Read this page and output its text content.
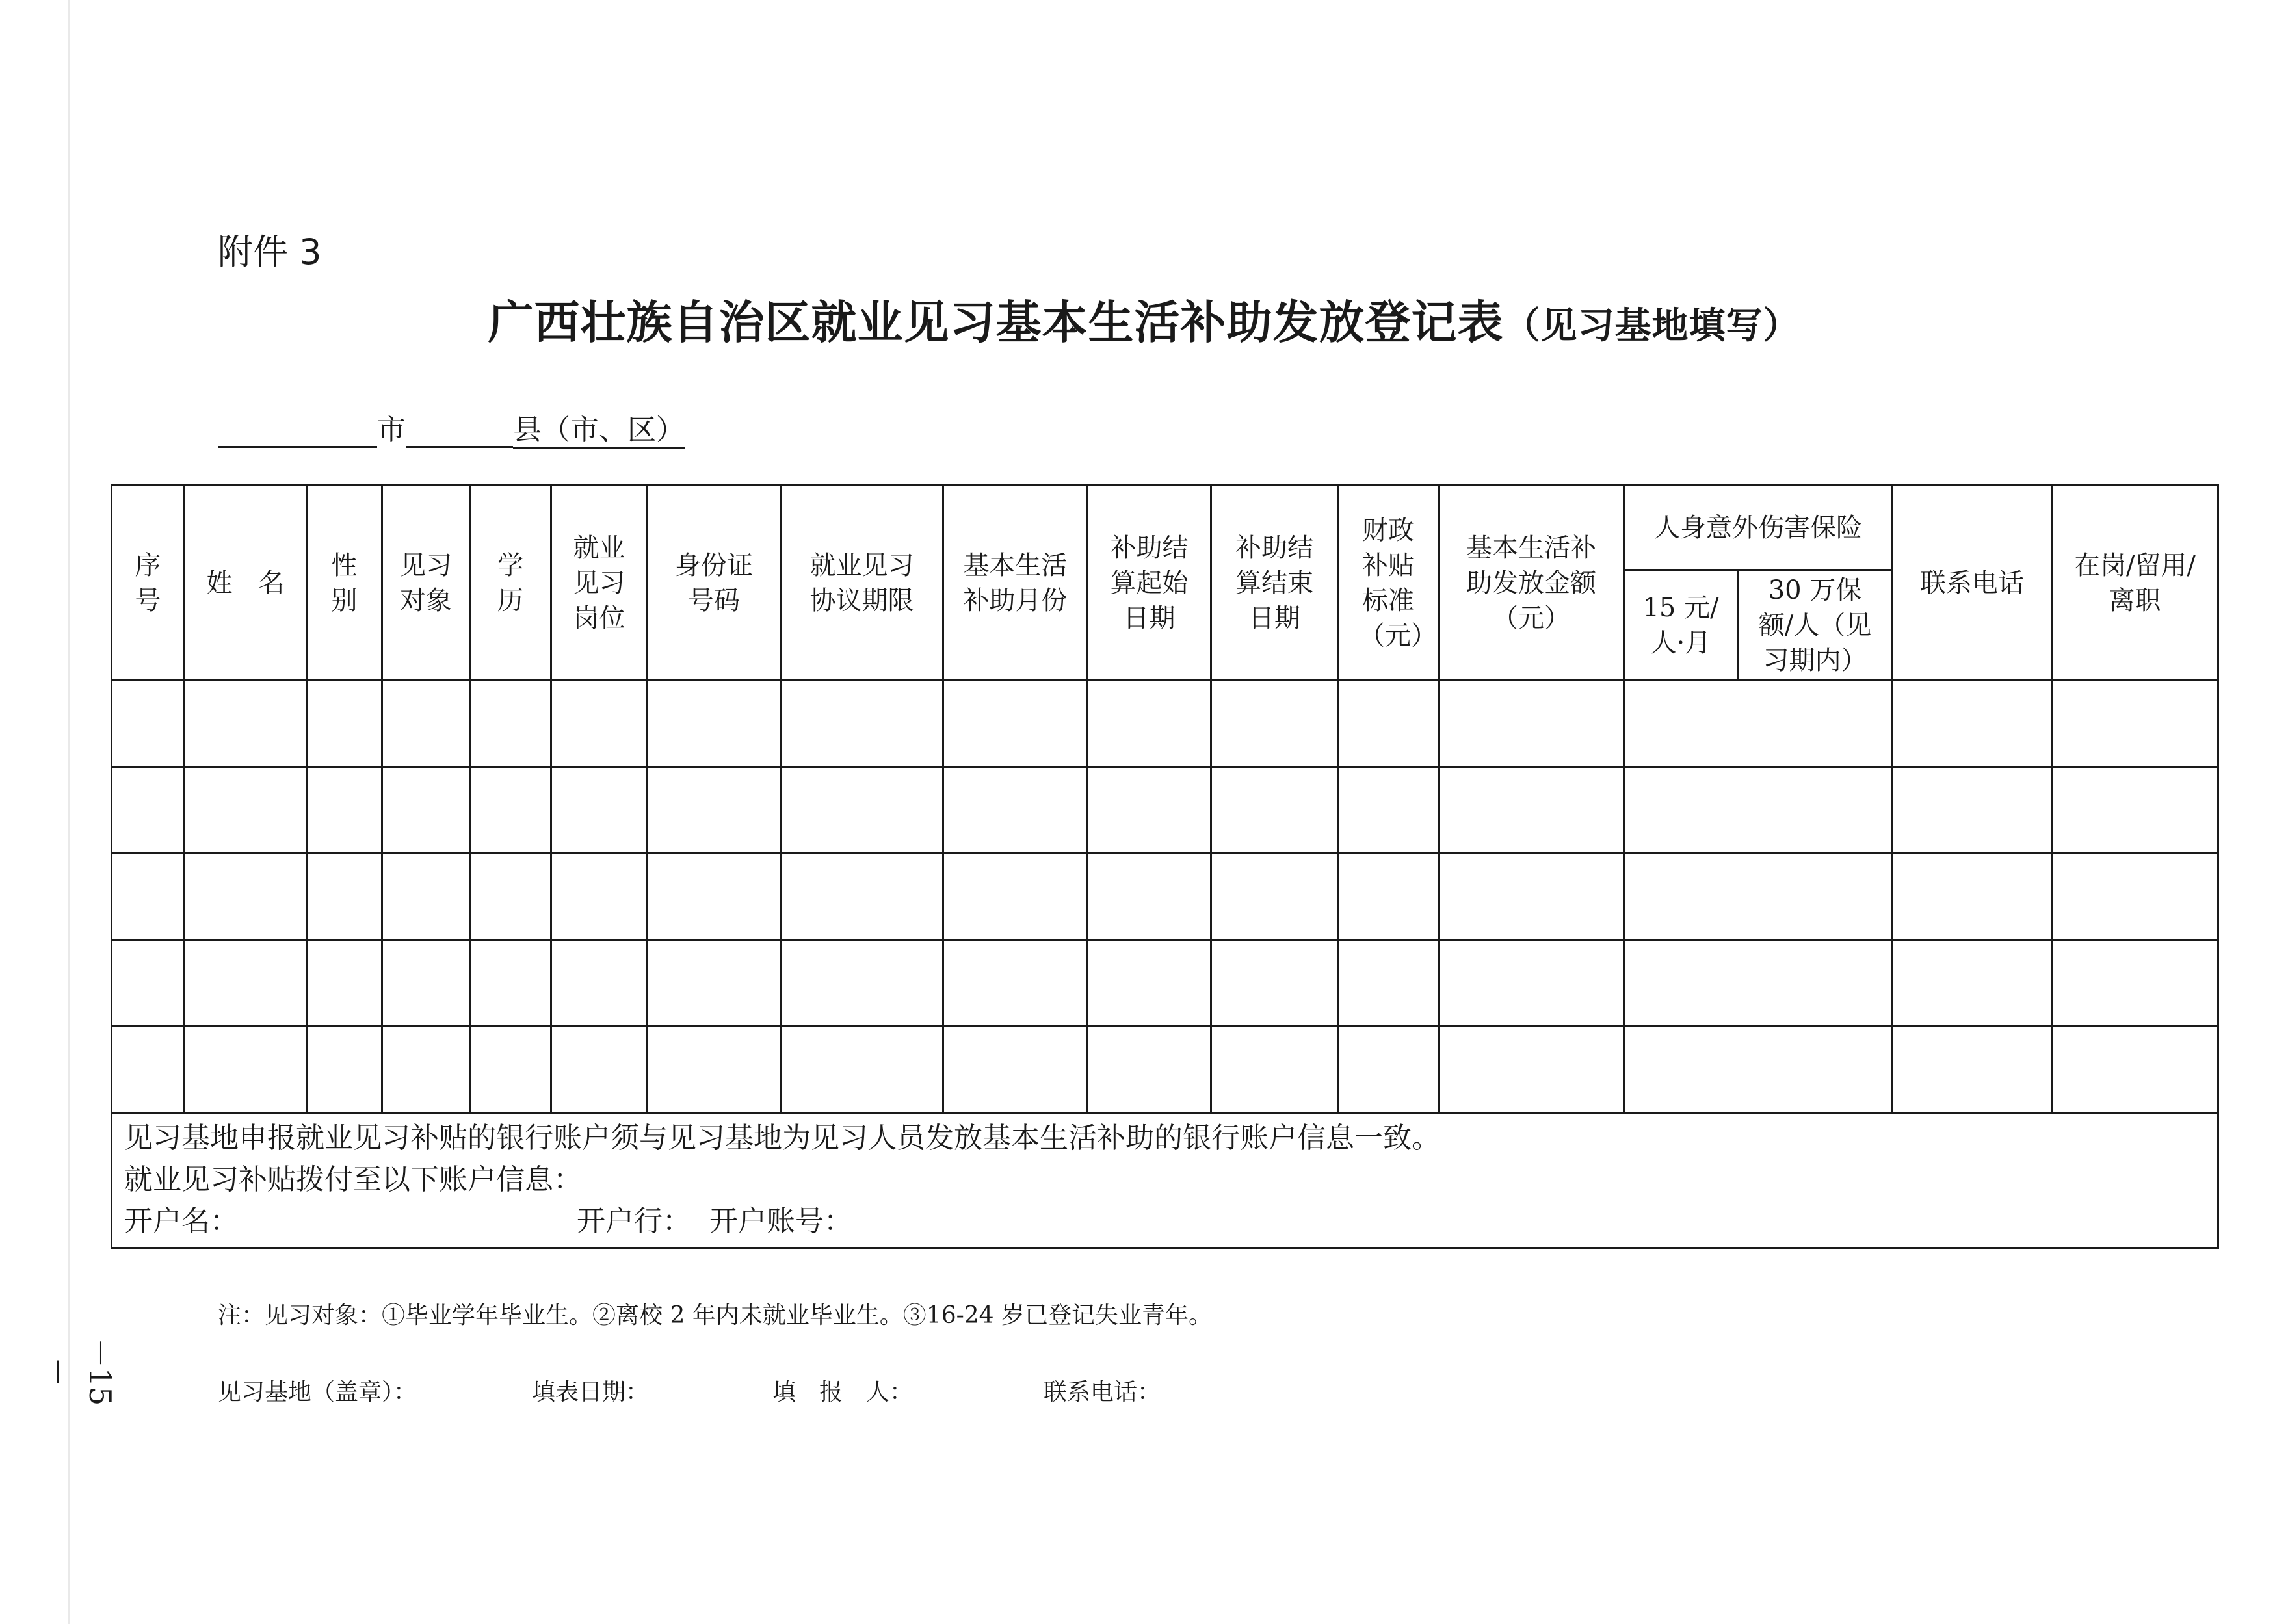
附件 3
广西壮族自治区就业见习基本生活补助发放登记表（见习基地填写）
市	县（市、区）
序号	姓　名	性别	见习对象	学历	就业见习岗位	身份证号码	就业见习协议期限	基本生活补助月份	补助结算起始日期	补助结算结束日期	财政补贴标准（元）	基本生活补助发放金额（元）	人身意外伤害保险		联系电话	在岗/留用/离职
													15 元/人·月	30 万保额/人（见习期内）		

见习基地申报就业见习补贴的银行账户须与见习基地为见习人员发放基本生活补助的银行账户信息一致。
就业见习补贴拨付至以下账户信息：
开户名： 开户行： 开户账号：																
注：见习对象：①毕业学年毕业生。②离校 2 年内未就业毕业生。③16-24 岁已登记失业青年。
见习基地（盖章）：	填表日期：	填　报　人：	联系电话：
－15－
